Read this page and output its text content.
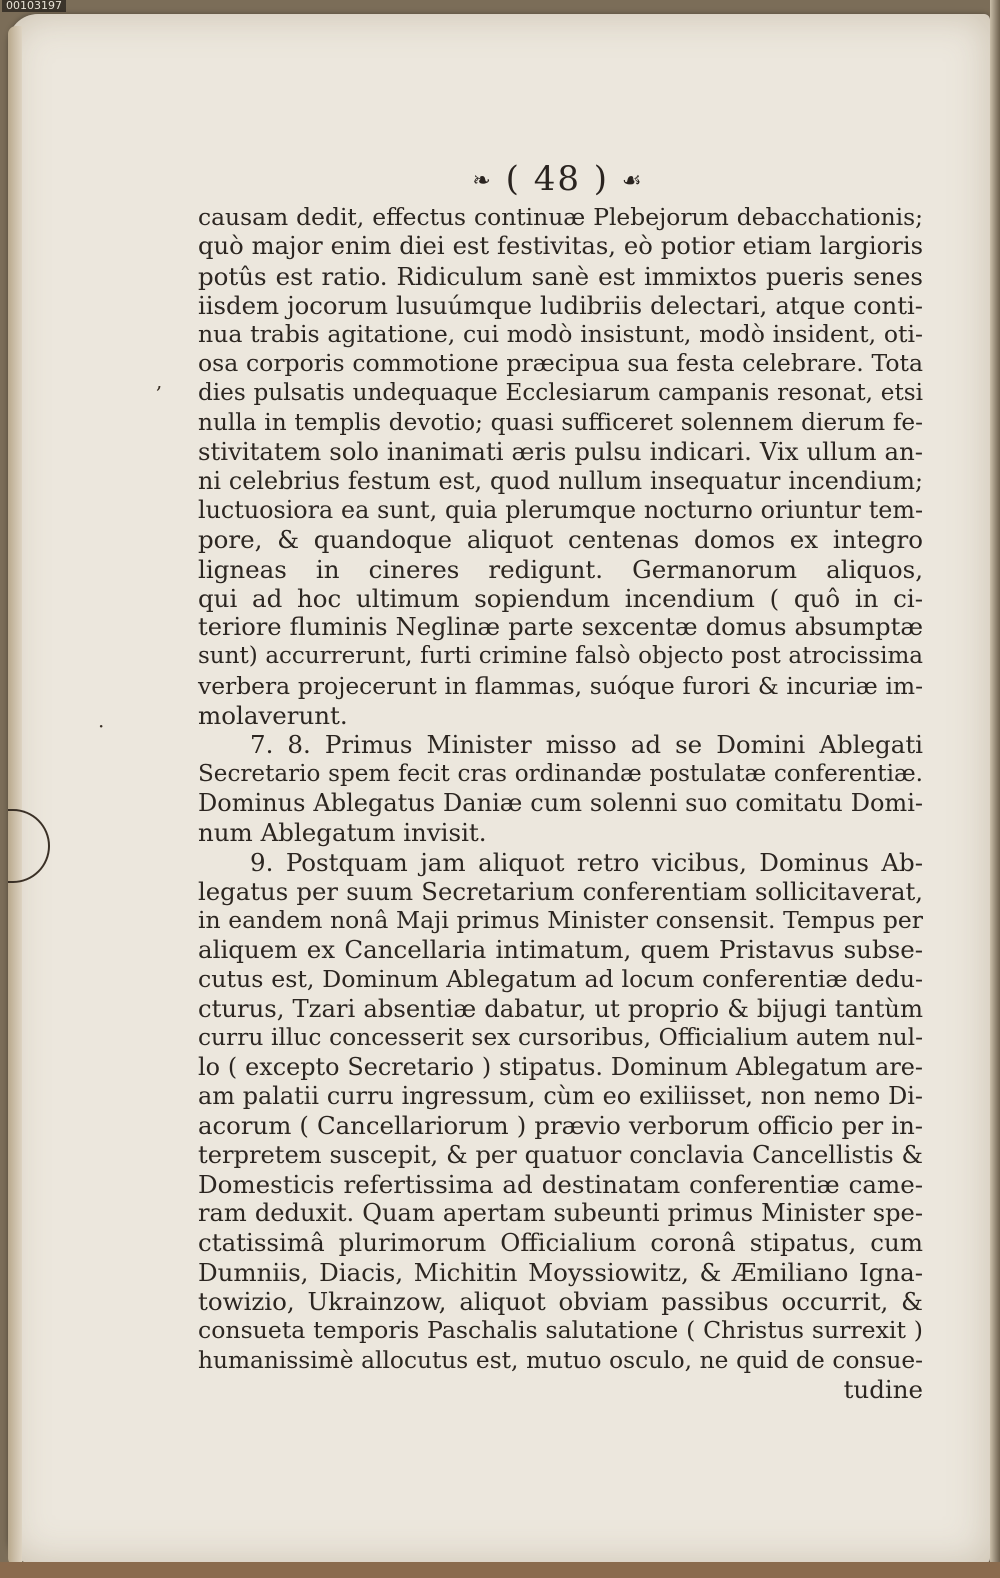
00103197
❧ ( 48 ) ☙
,
·
causam dedit, effectus continuæ Plebejorum debacchationis;
quò major enim diei est festivitas, eò potior etiam largioris
potûs est ratio. Ridiculum sanè est immixtos pueris senes
iisdem jocorum lusuúmque ludibriis delectari, atque conti-
nua trabis agitatione, cui modò insistunt, modò insident, oti-
osa corporis commotione præcipua sua festa celebrare. Tota
dies pulsatis undequaque Ecclesiarum campanis resonat, etsi
nulla in templis devotio; quasi sufficeret solennem dierum fe-
stivitatem solo inanimati æris pulsu indicari. Vix ullum an-
ni celebrius festum est, quod nullum insequatur incendium;
luctuosiora ea sunt, quia plerumque nocturno oriuntur tem-
pore, & quandoque aliquot centenas domos ex integro
ligneas in cineres redigunt. Germanorum aliquos,
qui ad hoc ultimum sopiendum incendium ( quô in ci-
teriore fluminis Neglinæ parte sexcentæ domus absumptæ
sunt) accurrerunt, furti crimine falsò objecto post atrocissima
verbera projecerunt in flammas, suóque furori & incuriæ im-
molaverunt.
7. 8. Primus Minister misso ad se Domini Ablegati
Secretario spem fecit cras ordinandæ postulatæ conferentiæ.
Dominus Ablegatus Daniæ cum solenni suo comitatu Domi-
num Ablegatum invisit.
9. Postquam jam aliquot retro vicibus, Dominus Ab-
legatus per suum Secretarium conferentiam sollicitaverat,
in eandem nonâ Maji primus Minister consensit. Tempus per
aliquem ex Cancellaria intimatum, quem Pristavus subse-
cutus est, Dominum Ablegatum ad locum conferentiæ dedu-
cturus, Tzari absentiæ dabatur, ut proprio & bijugi tantùm
curru illuc concesserit sex cursoribus, Officialium autem nul-
lo ( excepto Secretario ) stipatus. Dominum Ablegatum are-
am palatii curru ingressum, cùm eo exiliisset, non nemo Di-
acorum ( Cancellariorum ) prævio verborum officio per in-
terpretem suscepit, & per quatuor conclavia Cancellistis &
Domesticis refertissima ad destinatam conferentiæ came-
ram deduxit. Quam apertam subeunti primus Minister spe-
ctatissimâ plurimorum Officialium coronâ stipatus, cum
Dumniis, Diacis, Michitin Moyssiowitz, & Æmiliano Igna-
towizio, Ukrainzow, aliquot obviam passibus occurrit, &
consueta temporis Paschalis salutatione ( Christus surrexit )
humanissimè allocutus est, mutuo osculo, ne quid de consue-
tudine
